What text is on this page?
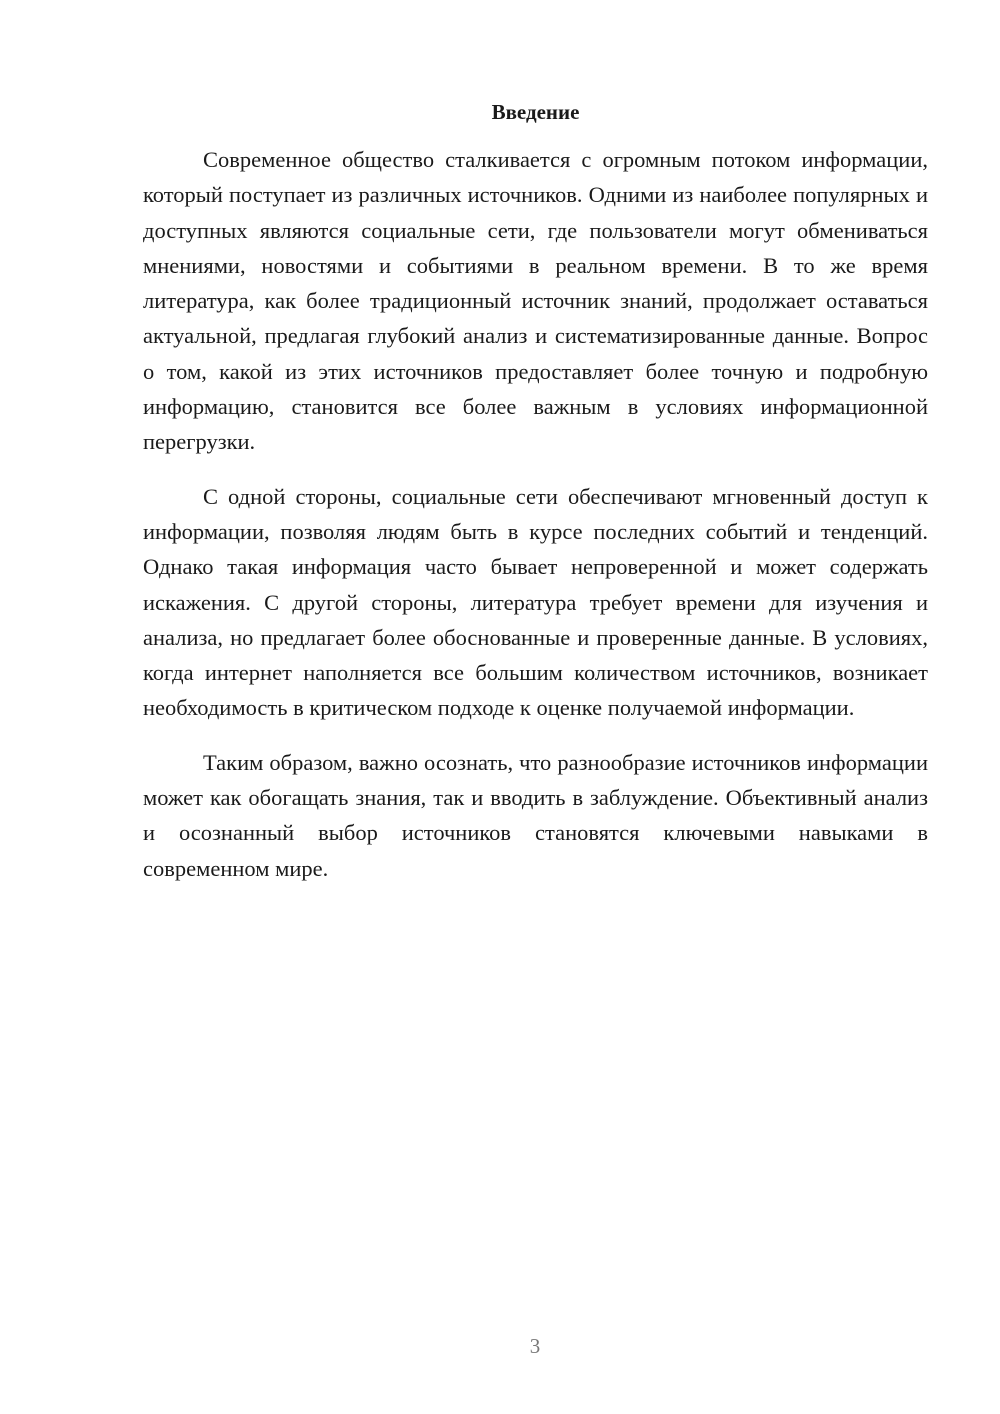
Введение

Современное общество сталкивается с огромным потоком информации, который поступает из различных источников. Одними из наиболее популярных и доступных являются социальные сети, где пользователи могут обмениваться мнениями, новостями и событиями в реальном времени. В то же время литература, как более традиционный источник знаний, продолжает оставаться актуальной, предлагая глубокий анализ и систематизированные данные. Вопрос о том, какой из этих источников предоставляет более точную и подробную информацию, становится все более важным в условиях информационной перегрузки.

С одной стороны, социальные сети обеспечивают мгновенный доступ к информации, позволяя людям быть в курсе последних событий и тенденций. Однако такая информация часто бывает непроверенной и может содержать искажения. С другой стороны, литература требует времени для изучения и анализа, но предлагает более обоснованные и проверенные данные. В условиях, когда интернет наполняется все большим количеством источников, возникает необходимость в критическом подходе к оценке получаемой информации.

Таким образом, важно осознать, что разнообразие источников информации может как обогащать знания, так и вводить в заблуждение. Объективный анализ и осознанный выбор источников становятся ключевыми навыками в современном мире.

3
